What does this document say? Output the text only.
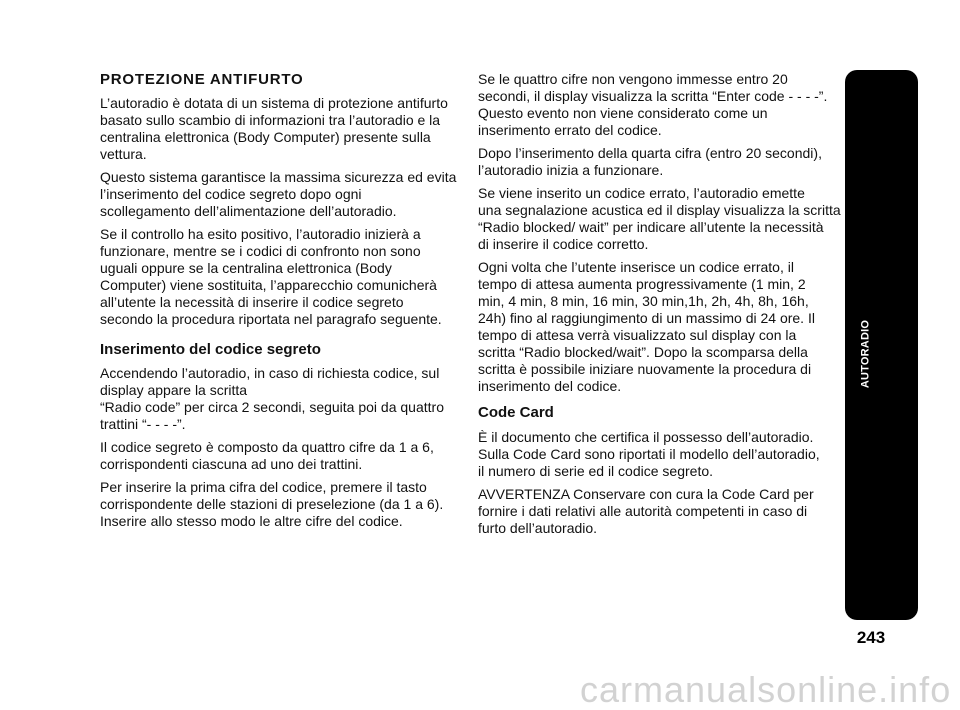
PROTEZIONE ANTIFURTO

L’autoradio è dotata di un sistema di protezione antifurto
basato sullo scambio di informazioni tra l’autoradio e la
centralina elettronica (Body Computer) presente sulla
vettura.

Questo sistema garantisce la massima sicurezza ed evita
l’inserimento del codice segreto dopo ogni
scollegamento dell’alimentazione dell’autoradio.

Se il controllo ha esito positivo, l’autoradio inizierà a
funzionare, mentre se i codici di confronto non sono
uguali oppure se la centralina elettronica (Body
Computer) viene sostituita, l’apparecchio comunicherà
all’utente la necessità di inserire il codice segreto
secondo la procedura riportata nel paragrafo seguente.

Inserimento del codice segreto

Accendendo l’autoradio, in caso di richiesta codice, sul
display appare la scritta
“Radio code” per circa 2 secondi, seguita poi da quattro
trattini “- - - -”.

Il codice segreto è composto da quattro cifre da 1 a 6,
corrispondenti ciascuna ad uno dei trattini.

Per inserire la prima cifra del codice, premere il tasto
corrispondente delle stazioni di preselezione (da 1 a 6).
Inserire allo stesso modo le altre cifre del codice.

Se le quattro cifre non vengono immesse entro 20
secondi, il display visualizza la scritta “Enter code - - - -”.
Questo evento non viene considerato come un
inserimento errato del codice.

Dopo l’inserimento della quarta cifra (entro 20 secondi),
l’autoradio inizia a funzionare.

Se viene inserito un codice errato, l’autoradio emette
una segnalazione acustica ed il display visualizza la scritta
“Radio blocked/ wait” per indicare all’utente la necessità
di inserire il codice corretto.

Ogni volta che l’utente inserisce un codice errato, il
tempo di attesa aumenta progressivamente (1 min, 2
min, 4 min, 8 min, 16 min, 30 min,1h, 2h, 4h, 8h, 16h,
24h) fino al raggiungimento di un massimo di 24 ore. Il
tempo di attesa verrà visualizzato sul display con la
scritta “Radio blocked/wait”. Dopo la scomparsa della
scritta è possibile iniziare nuovamente la procedura di
inserimento del codice.

Code Card

È il documento che certifica il possesso dell’autoradio.
Sulla Code Card sono riportati il modello dell’autoradio,
il numero di serie ed il codice segreto.

AVVERTENZA Conservare con cura la Code Card per
fornire i dati relativi alle autorità competenti in caso di
furto dell’autoradio.

AUTORADIO
243
carmanualsonline.info
